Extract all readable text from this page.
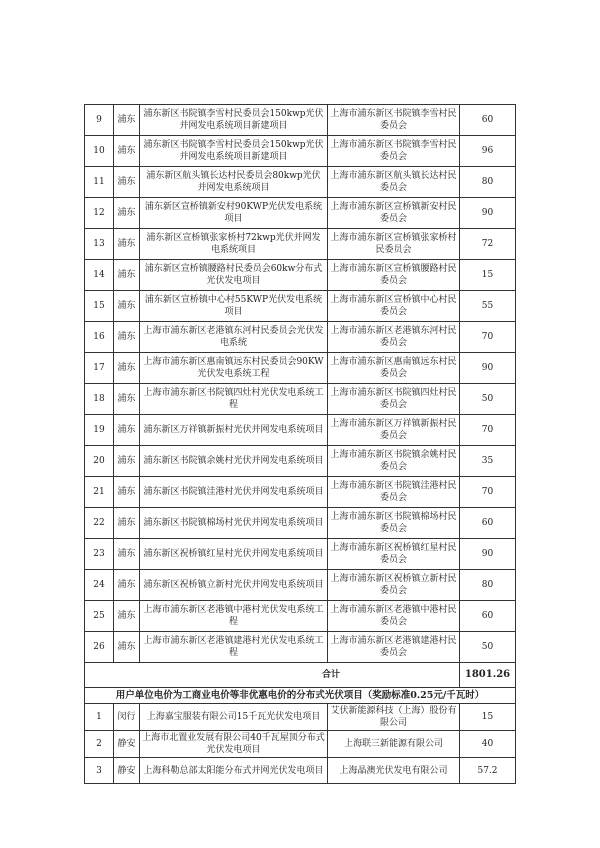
9	浦东	浦东新区书院镇李雪村民委员会150kwp光伏并网发电系统项目新建项目	上海市浦东新区书院镇李雪村民委员会	60
10	浦东	浦东新区书院镇李雪村民委员会150kwp光伏并网发电系统项目新建项目	上海市浦东新区书院镇李雪村民委员会	96
11	浦东	浦东新区航头镇长达村民委员会80kwp光伏并网发电系统项目	上海市浦东新区航头镇长达村民委员会	80
12	浦东	浦东新区宣桥镇新安村90KWP光伏发电系统项目	上海市浦东新区宣桥镇新安村民委员会	90
13	浦东	浦东新区宣桥镇张家桥村72kwp光伏并网发电系统项目	上海市浦东新区宣桥镇张家桥村民委员会	72
14	浦东	浦东新区宣桥镇腰路村民委员会60kw分布式光伏发电项目	上海市浦东新区宣桥镇腰路村民委员会	15
15	浦东	浦东新区宣桥镇中心村55KWP光伏发电系统项目	上海市浦东新区宣桥镇中心村民委员会	55
16	浦东	上海市浦东新区老港镇东河村民委员会光伏发电系统	上海市浦东新区老港镇东河村民委员会	70
17	浦东	上海市浦东新区惠南镇远东村民委员会90KW光伏发电系统工程	上海市浦东新区惠南镇远东村民委员会	90
18	浦东	上海市浦东新区书院镇四灶村光伏发电系统工程	上海市浦东新区书院镇四灶村民委员会	50
19	浦东	浦东新区万祥镇新振村光伏并网发电系统项目	上海市浦东新区万祥镇新振村民委员会	70
20	浦东	浦东新区书院镇余姚村光伏并网发电系统项目	上海市浦东新区书院镇余姚村民委员会	35
21	浦东	浦东新区书院镇洼港村光伏并网发电系统项目	上海市浦东新区书院镇洼港村民委员会	70
22	浦东	浦东新区书院镇棉场村光伏并网发电系统项目	上海市浦东新区书院镇棉场村民委员会	60
23	浦东	浦东新区祝桥镇红星村光伏并网发电系统项目	上海市浦东新区祝桥镇红星村民委员会	90
24	浦东	浦东新区祝桥镇立新村光伏并网发电系统项目	上海市浦东新区祝桥镇立新村民委员会	80
25	浦东	上海市浦东新区老港镇中港村光伏发电系统工程	上海市浦东新区老港镇中港村民委员会	60
26	浦东	上海市浦东新区老港镇建港村光伏发电系统工程	上海市浦东新区老港镇建港村民委员会	50
合计				1801.26
用户单位电价为工商业电价等非优惠电价的分布式光伏项目（奖励标准0.25元/千瓦时）				
1	闵行	上海嘉宝服装有限公司15千瓦光伏发电项目	艾伏新能源科技（上海）股份有限公司	15
2	静安	上海市北置业发展有限公司40千瓦屋顶分布式光伏发电项目	上海联三新能源有限公司	40
3	静安	上海科勒总部太阳能分布式并网光伏发电项目	上海晶澳光伏发电有限公司	57.2
